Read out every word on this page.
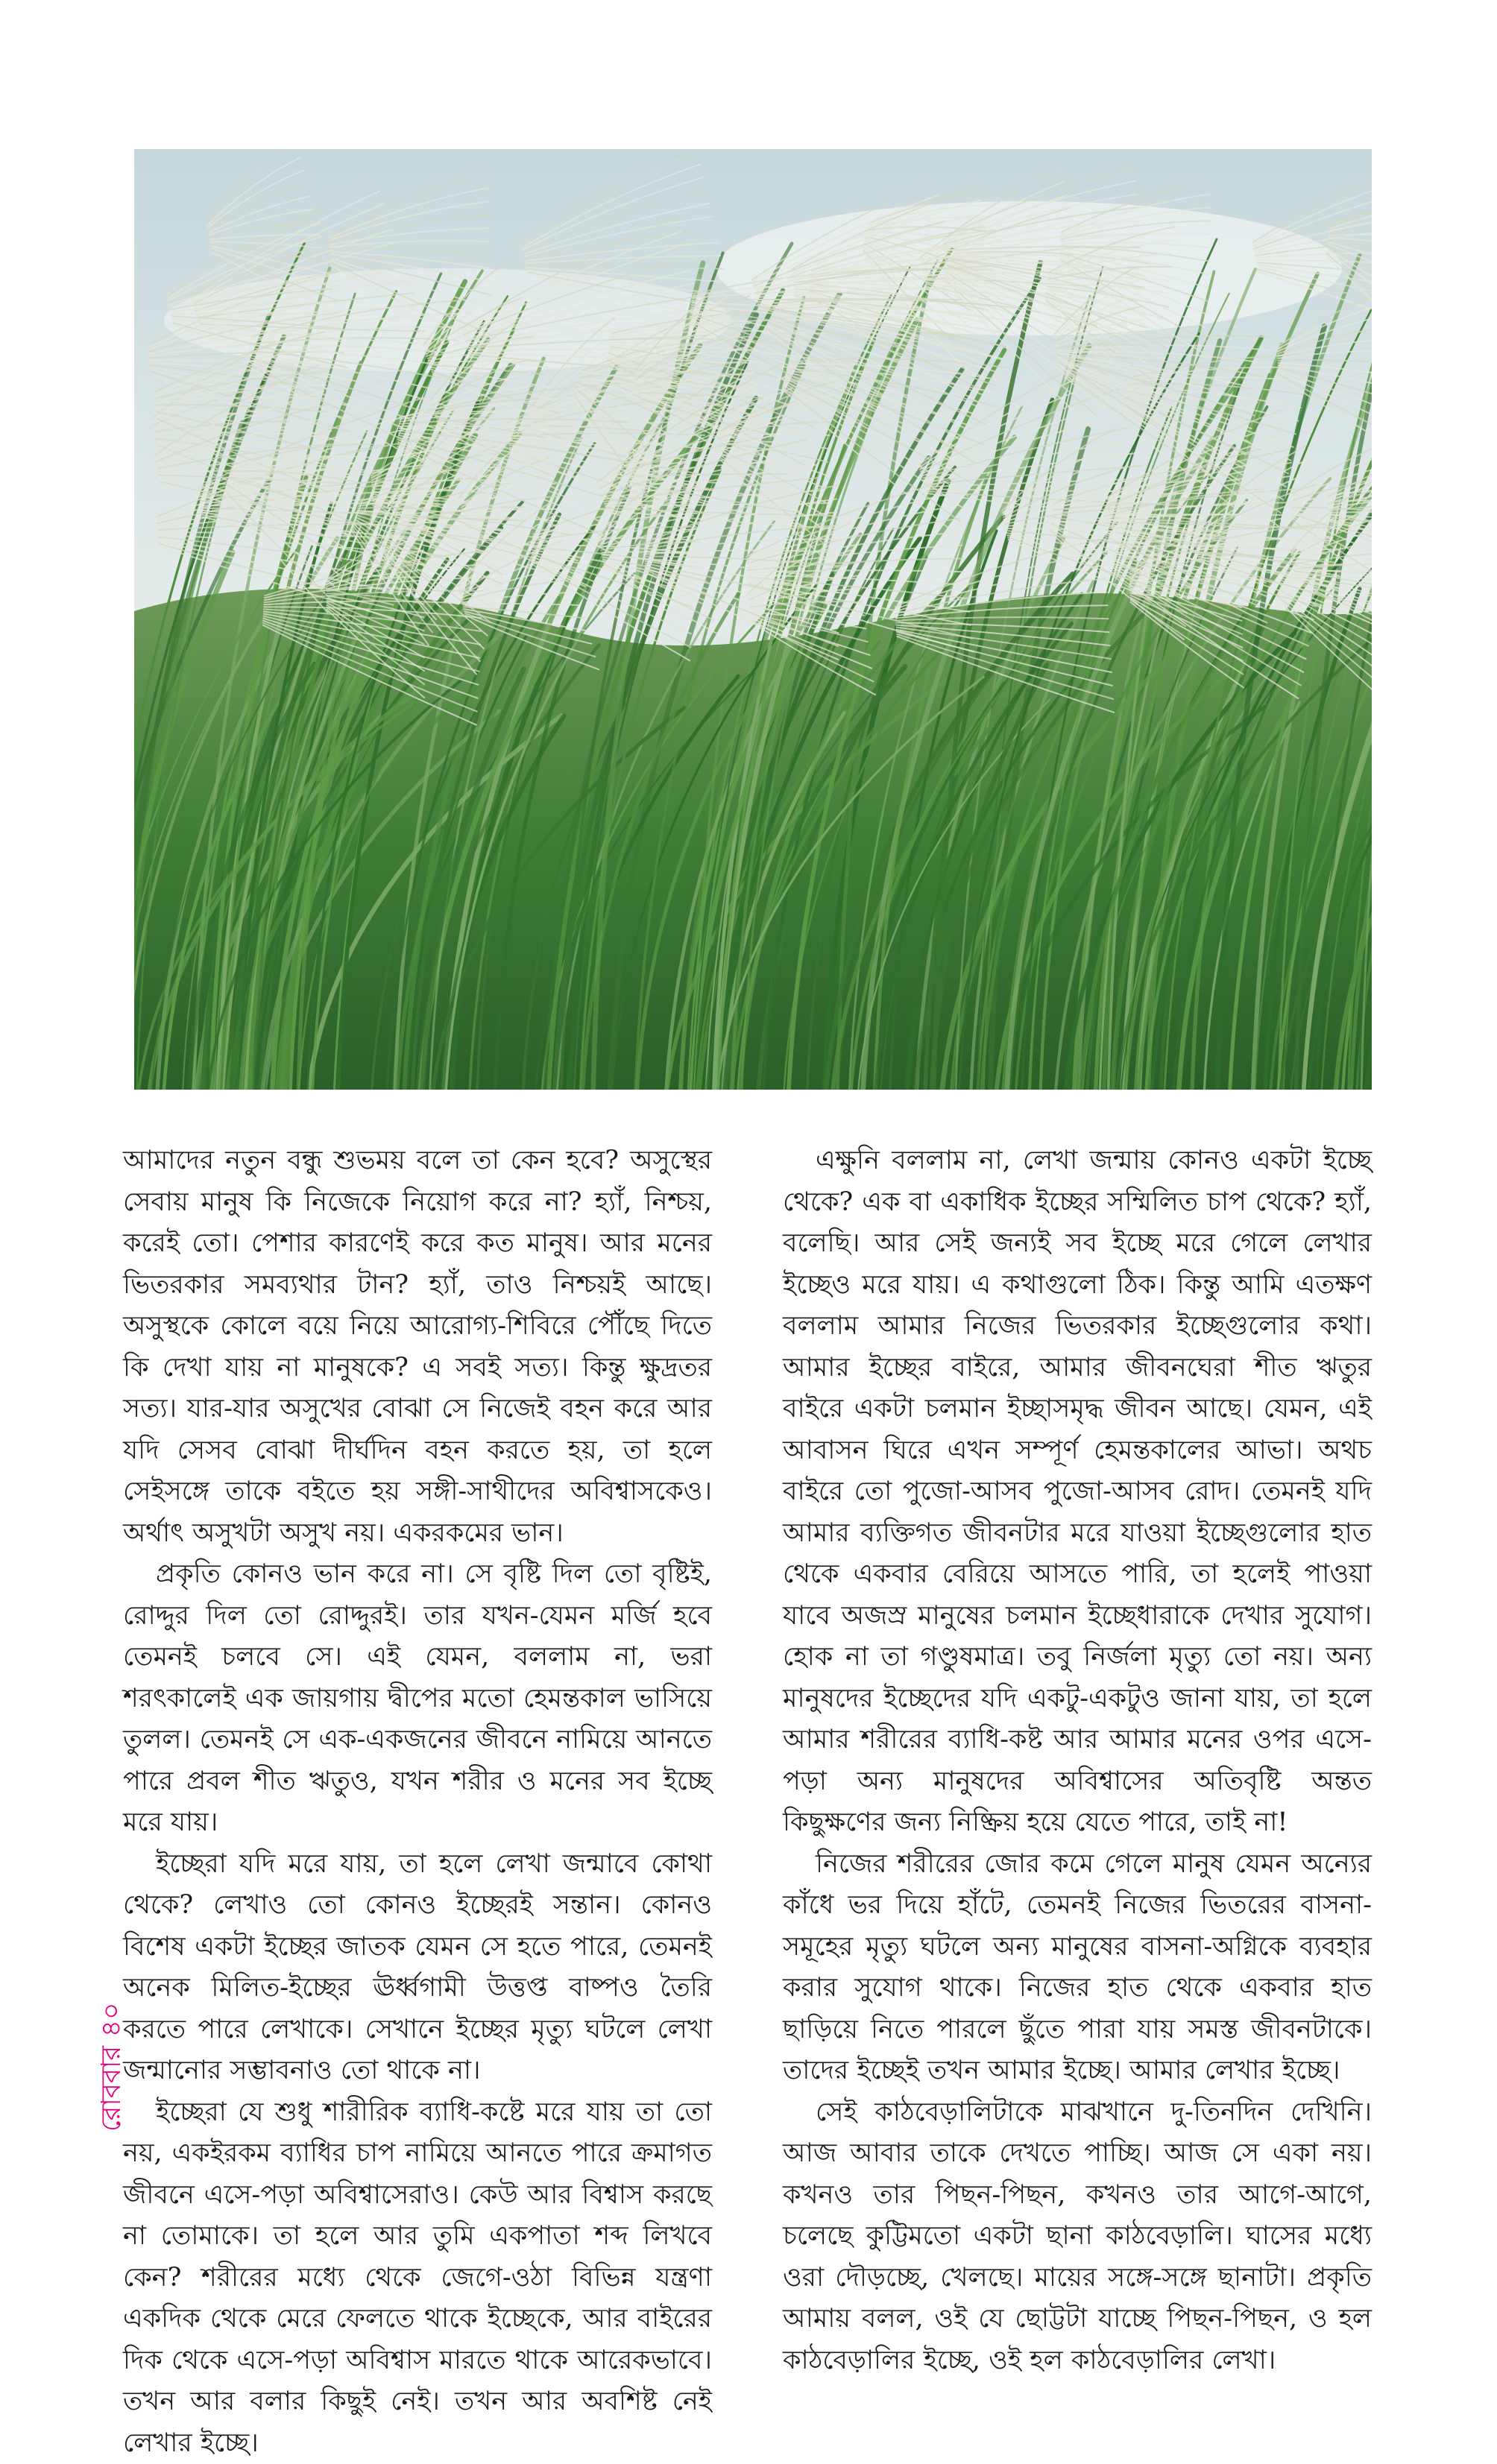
আমাদের নতুন বন্ধু শুভময় বলে তা কেন হবে? অসুস্থের সেবায় মানুষ কি নিজেকে নিয়োগ করে না? হ্যাঁ, নিশ্চয়, করেই তো। পেশার কারণেই করে কত মানুষ। আর মনের ভিতরকার সমব্যথার টান? হ্যাঁ, তাও নিশ্চয়ই আছে। অসুস্থকে কোলে বয়ে নিয়ে আরোগ্য-শিবিরে পৌঁছে দিতে কি দেখা যায় না মানুষকে? এ সবই সত্য। কিন্তু ক্ষুদ্রতর সত্য। যার-যার অসুখের বোঝা সে নিজেই বহন করে আর যদি সেসব বোঝা দীর্ঘদিন বহন করতে হয়, তা হলে সেইসঙ্গে তাকে বইতে হয় সঙ্গী-সাথীদের অবিশ্বাসকেও। অর্থাৎ অসুখটা অসুখ নয়। একরকমের ভান।

প্রকৃতি কোনও ভান করে না। সে বৃষ্টি দিল তো বৃষ্টিই, রোদ্দুর দিল তো রোদ্দুরই। তার যখন-যেমন মর্জি হবে তেমনই চলবে সে। এই যেমন, বললাম না, ভরা শরৎকালেই এক জায়গায় দ্বীপের মতো হেমন্তকাল ভাসিয়ে তুলল। তেমনই সে এক-একজনের জীবনে নামিয়ে আনতে পারে প্রবল শীত ঋতুও, যখন শরীর ও মনের সব ইচ্ছে মরে যায়।

ইচ্ছেরা যদি মরে যায়, তা হলে লেখা জন্মাবে কোথা থেকে? লেখাও তো কোনও ইচ্ছেরই সন্তান। কোনও বিশেষ একটা ইচ্ছের জাতক যেমন সে হতে পারে, তেমনই অনেক মিলিত-ইচ্ছের ঊর্ধ্বগামী উত্তপ্ত বাষ্পও তৈরি করতে পারে লেখাকে। সেখানে ইচ্ছের মৃত্যু ঘটলে লেখা জন্মানোর সম্ভাবনাও তো থাকে না।

ইচ্ছেরা যে শুধু শারীরিক ব্যাধি-কষ্টে মরে যায় তা তো নয়, একইরকম ব্যাধির চাপ নামিয়ে আনতে পারে ক্রমাগত জীবনে এসে-পড়া অবিশ্বাসেরাও। কেউ আর বিশ্বাস করছে না তোমাকে। তা হলে আর তুমি একপাতা শব্দ লিখবে কেন? শরীরের মধ্যে থেকে জেগে-ওঠা বিভিন্ন যন্ত্রণা একদিক থেকে মেরে ফেলতে থাকে ইচ্ছেকে, আর বাইরের দিক থেকে এসে-পড়া অবিশ্বাস মারতে থাকে আরেকভাবে। তখন আর বলার কিছুই নেই। তখন আর অবশিষ্ট নেই লেখার ইচ্ছে।

এক্ষুনি বললাম না, লেখা জন্মায় কোনও একটা ইচ্ছে থেকে? এক বা একাধিক ইচ্ছের সম্মিলিত চাপ থেকে? হ্যাঁ, বলেছি। আর সেই জন্যই সব ইচ্ছে মরে গেলে লেখার ইচ্ছেও মরে যায়। এ কথাগুলো ঠিক। কিন্তু আমি এতক্ষণ বললাম আমার নিজের ভিতরকার ইচ্ছেগুলোর কথা। আমার ইচ্ছের বাইরে, আমার জীবনঘেরা শীত ঋতুর বাইরে একটা চলমান ইচ্ছাসমৃদ্ধ জীবন আছে। যেমন, এই আবাসন ঘিরে এখন সম্পূর্ণ হেমন্তকালের আভা। অথচ বাইরে তো পুজো-আসব পুজো-আসব রোদ। তেমনই যদি আমার ব্যক্তিগত জীবনটার মরে যাওয়া ইচ্ছেগুলোর হাত থেকে একবার বেরিয়ে আসতে পারি, তা হলেই পাওয়া যাবে অজস্র মানুষের চলমান ইচ্ছেধারাকে দেখার সুযোগ। হোক না তা গণ্ডুষমাত্র। তবু নির্জলা মৃত্যু তো নয়। অন্য মানুষদের ইচ্ছেদের যদি একটু-একটুও জানা যায়, তা হলে আমার শরীরের ব্যাধি-কষ্ট আর আমার মনের ওপর এসে-পড়া অন্য মানুষদের অবিশ্বাসের অতিবৃষ্টি অন্তত কিছুক্ষণের জন্য নিষ্ক্রিয় হয়ে যেতে পারে, তাই না!

নিজের শরীরের জোর কমে গেলে মানুষ যেমন অন্যের কাঁধে ভর দিয়ে হাঁটে, তেমনই নিজের ভিতরের বাসনা-সমূহের মৃত্যু ঘটলে অন্য মানুষের বাসনা-অগ্নিকে ব্যবহার করার সুযোগ থাকে। নিজের হাত থেকে একবার হাত ছাড়িয়ে নিতে পারলে ছুঁতে পারা যায় সমস্ত জীবনটাকে। তাদের ইচ্ছেই তখন আমার ইচ্ছে। আমার লেখার ইচ্ছে।

সেই কাঠবেড়ালিটাকে মাঝখানে দু-তিনদিন দেখিনি। আজ আবার তাকে দেখতে পাচ্ছি। আজ সে একা নয়। কখনও তার পিছন-পিছন, কখনও তার আগে-আগে, চলেছে কুট্টিমতো একটা ছানা কাঠবেড়ালি। ঘাসের মধ্যে ওরা দৌড়চ্ছে, খেলছে। মায়ের সঙ্গে-সঙ্গে ছানাটা। প্রকৃতি আমায় বলল, ওই যে ছোট্টটা যাচ্ছে পিছন-পিছন, ও হল কাঠবেড়ালির ইচ্ছে, ওই হল কাঠবেড়ালির লেখা।

রোববার ৪০
